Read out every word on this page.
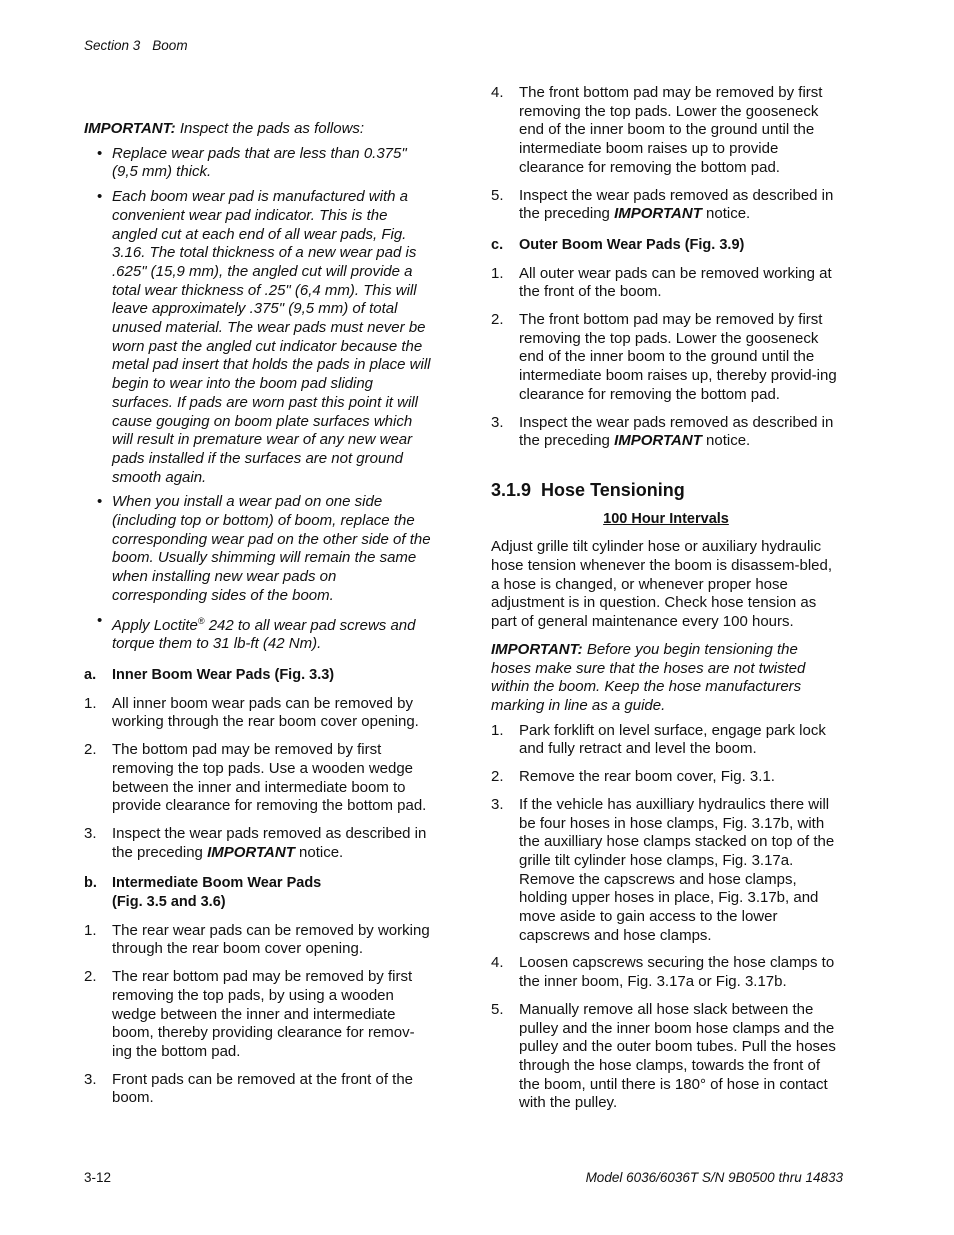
Section 3 Boom

IMPORTANT: Inspect the pads as follows:

• Replace wear pads that are less than 0.375" (9,5 mm) thick.
• Each boom wear pad is manufactured with a convenient wear pad indicator. This is the angled cut at each end of all wear pads, Fig. 3.16. The total thickness of a new wear pad is .625" (15,9 mm), the angled cut will provide a total wear thickness of .25" (6,4 mm). This will leave approximately .375" (9,5 mm) of total unused material. The wear pads must never be worn past the angled cut indicator because the metal pad insert that holds the pads in place will begin to wear into the boom pad sliding surfaces. If pads are worn past this point it will cause gouging on boom plate surfaces which will result in premature wear of any new wear pads installed if the surfaces are not ground smooth again.
• When you install a wear pad on one side (including top or bottom) of boom, replace the corresponding wear pad on the other side of the boom. Usually shimming will remain the same when installing new wear pads on corresponding sides of the boom.
• Apply Loctite® 242 to all wear pad screws and torque them to 31 lb-ft (42 Nm).
a.	Inner Boom Wear Pads (Fig. 3.3)
1.	All inner boom wear pads can be removed by working through the rear boom cover opening.
2.	The bottom pad may be removed by first removing the top pads. Use a wooden wedge between the inner and intermediate boom to provide clearance for removing the bottom pad.
3.	Inspect the wear pads removed as described in the preceding IMPORTANT notice.
b.	Intermediate Boom Wear Pads
(Fig. 3.5 and 3.6)
1.	The rear wear pads can be removed by working through the rear boom cover opening.
2.	The rear bottom pad may be removed by first removing the top pads, by using a wooden wedge between the inner and intermediate boom, thereby providing clearance for remov-ing the bottom pad.
3.	Front pads can be removed at the front of the boom.
4.	The front bottom pad may be removed by first removing the top pads. Lower the gooseneck end of the inner boom to the ground until the intermediate boom raises up to provide clearance for removing the bottom pad.
5.	Inspect the wear pads removed as described in the preceding IMPORTANT notice.
c.	Outer Boom Wear Pads (Fig. 3.9)
1.	All outer wear pads can be removed working at the front of the boom.
2.	The front bottom pad may be removed by first removing the top pads. Lower the gooseneck end of the inner boom to the ground until the intermediate boom raises up, thereby provid-ing clearance for removing the bottom pad.
3.	Inspect the wear pads removed as described in the preceding IMPORTANT notice.
3.1.9 Hose Tensioning
100 Hour Intervals

Adjust grille tilt cylinder hose or auxiliary hydraulic hose tension whenever the boom is disassem-bled, a hose is changed, or whenever proper hose adjustment is in question. Check hose tension as part of general maintenance every 100 hours.

IMPORTANT: Before you begin tensioning the hoses make sure that the hoses are not twisted within the boom. Keep the hose manufacturers marking in line as a guide.

1.	Park forklift on level surface, engage park lock and fully retract and level the boom.
2.	Remove the rear boom cover, Fig. 3.1.
3.	If the vehicle has auxilliary hydraulics there will be four hoses in hose clamps, Fig. 3.17b, with the auxilliary hose clamps stacked on top of the grille tilt cylinder hose clamps, Fig. 3.17a. Remove the capscrews and hose clamps, holding upper hoses in place, Fig. 3.17b, and move aside to gain access to the lower capscrews and hose clamps.
4.	Loosen capscrews securing the hose clamps to the inner boom, Fig. 3.17a or Fig. 3.17b.
5.	Manually remove all hose slack between the pulley and the inner boom hose clamps and the pulley and the outer boom tubes. Pull the hoses through the hose clamps, towards the front of the boom, until there is 180° of hose in contact with the pulley.
3-12	Model 6036/6036T S/N 9B0500 thru 14833
